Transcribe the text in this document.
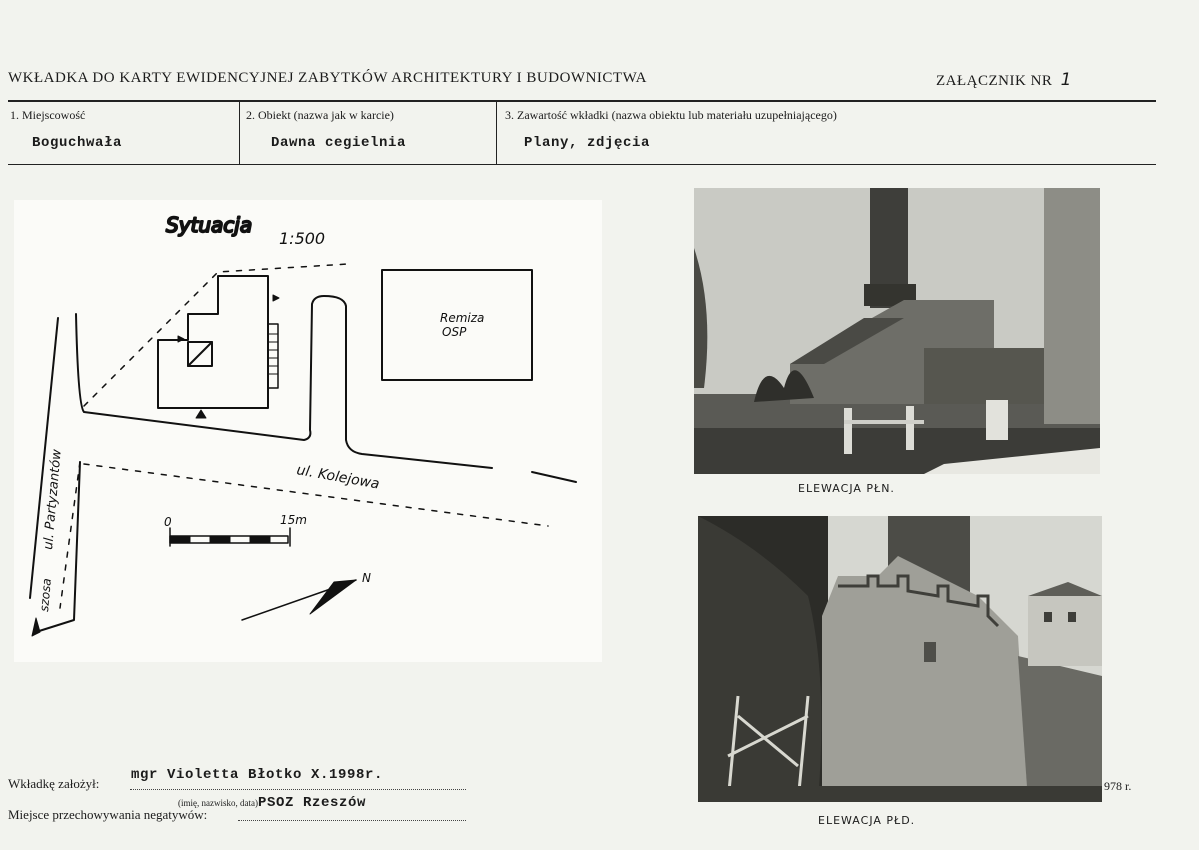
WKŁADKA DO KARTY EWIDENCYJNEJ ZABYTKÓW ARCHITEKTURY I BUDOWNICTWA	ZAŁĄCZNIK NR 1
1. Miejscowość
Boguchwała
2. Obiekt (nazwa jak w karcie)
Dawna cegielnia
3. Zawartość wkładki (nazwa obiektu lub materiału uzupełniającego)
Plany, zdjęcia
Sytuacja
1:500
Remiza
OSP
ul. Kolejowa
ul. Partyzantów
szosa
0	15m
N
ELEWACJA PŁN.
ELEWACJA PŁD.
Wkładkę założył:
mgr Violetta Błotko X.1998r.
(imię, nazwisko, data) PSOZ Rzeszów
Miejsce przechowywania negatywów:
978 r.
